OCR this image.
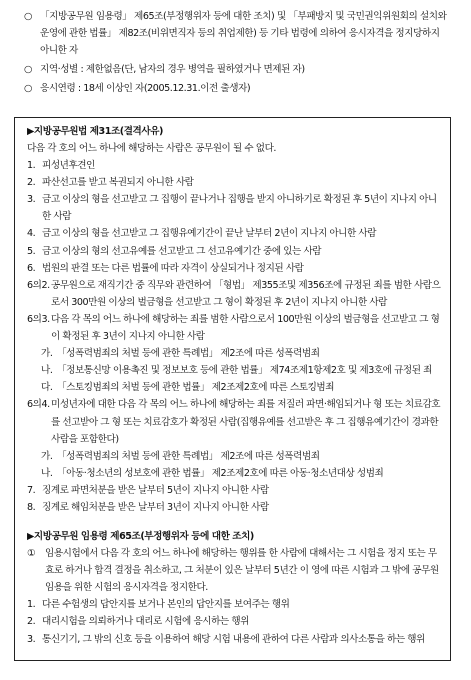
○ 「지방공무원 임용령」 제65조(부정행위자 등에 대한 조치) 및 「부패방지 및 국민권익위원회의 설치와 운영에 관한 법률」 제82조(비위면직자 등의 취업제한) 등 기타 법령에 의하여 응시자격을 정지당하지 아니한 자
○ 지역·성별 : 제한없음(단, 남자의 경우 병역을 필하였거나 면제된 자)
○ 응시연령 : 18세 이상인 자(2005.12.31.이전 출생자)
▶지방공무원법 제31조(결격사유)
다음 각 호의 어느 하나에 해당하는 사람은 공무원이 될 수 없다.
1. 피성년후견인
2. 파산선고를 받고 복권되지 아니한 사람
3. 금고 이상의 형을 선고받고 그 집행이 끝나거나 집행을 받지 아니하기로 확정된 후 5년이 지나지 아니한 사람
4. 금고 이상의 형을 선고받고 그 집행유예기간이 끝난 날부터 2년이 지나지 아니한 사람
5. 금고 이상의 형의 선고유예를 선고받고 그 선고유예기간 중에 있는 사람
6. 법원의 판결 또는 다른 법률에 따라 자격이 상실되거나 정지된 사람
6의2. 공무원으로 재직기간 중 직무와 관련하여 「형법」 제355조및 제356조에 규정된 죄를 범한 사람으로서 300만원 이상의 벌금형을 선고받고 그 형이 확정된 후 2년이 지나지 아니한 사람
6의3. 다음 각 목의 어느 하나에 해당하는 죄를 범한 사람으로서 100만원 이상의 벌금형을 선고받고 그 형이 확정된 후 3년이 지나지 아니한 사람
가. 「성폭력범죄의 처벌 등에 관한 특례법」 제2조에 따른 성폭력범죄
나. 「정보통신망 이용촉진 및 정보보호 등에 관한 법률」 제74조제1항제2호 및 제3호에 규정된 죄
다. 「스토킹범죄의 처벌 등에 관한 법률」 제2조제2호에 따른 스토킹범죄
6의4. 미성년자에 대한 다음 각 목의 어느 하나에 해당하는 죄를 저질러 파면·해임되거나 형 또는 치료감호를 선고받아 그 형 또는 치료감호가 확정된 사람(집행유예를 선고받은 후 그 집행유예기간이 경과한 사람을 포함한다)
가. 「성폭력범죄의 처벌 등에 관한 특례법」 제2조에 따른 성폭력범죄
나. 「아동·청소년의 성보호에 관한 법률」 제2조제2호에 따른 아동·청소년대상 성범죄
7. 징계로 파면처분을 받은 날부터 5년이 지나지 아니한 사람
8. 징계로 해임처분을 받은 날부터 3년이 지나지 아니한 사람
▶지방공무원 임용령 제65조(부정행위자 등에 대한 조치)
① 임용시험에서 다음 각 호의 어느 하나에 해당하는 행위를 한 사람에 대해서는 그 시험을 정지 또는 무효로 하거나 합격 결정을 취소하고, 그 처분이 있은 날부터 5년간 이 영에 따른 시험과 그 밖에 공무원 임용을 위한 시험의 응시자격을 정지한다.
1. 다른 수험생의 답안지를 보거나 본인의 답안지를 보여주는 행위
2. 대리시험을 의뢰하거나 대리로 시험에 응시하는 행위
3. 통신기기, 그 밖의 신호 등을 이용하여 해당 시험 내용에 관하여 다른 사람과 의사소통을 하는 행위
